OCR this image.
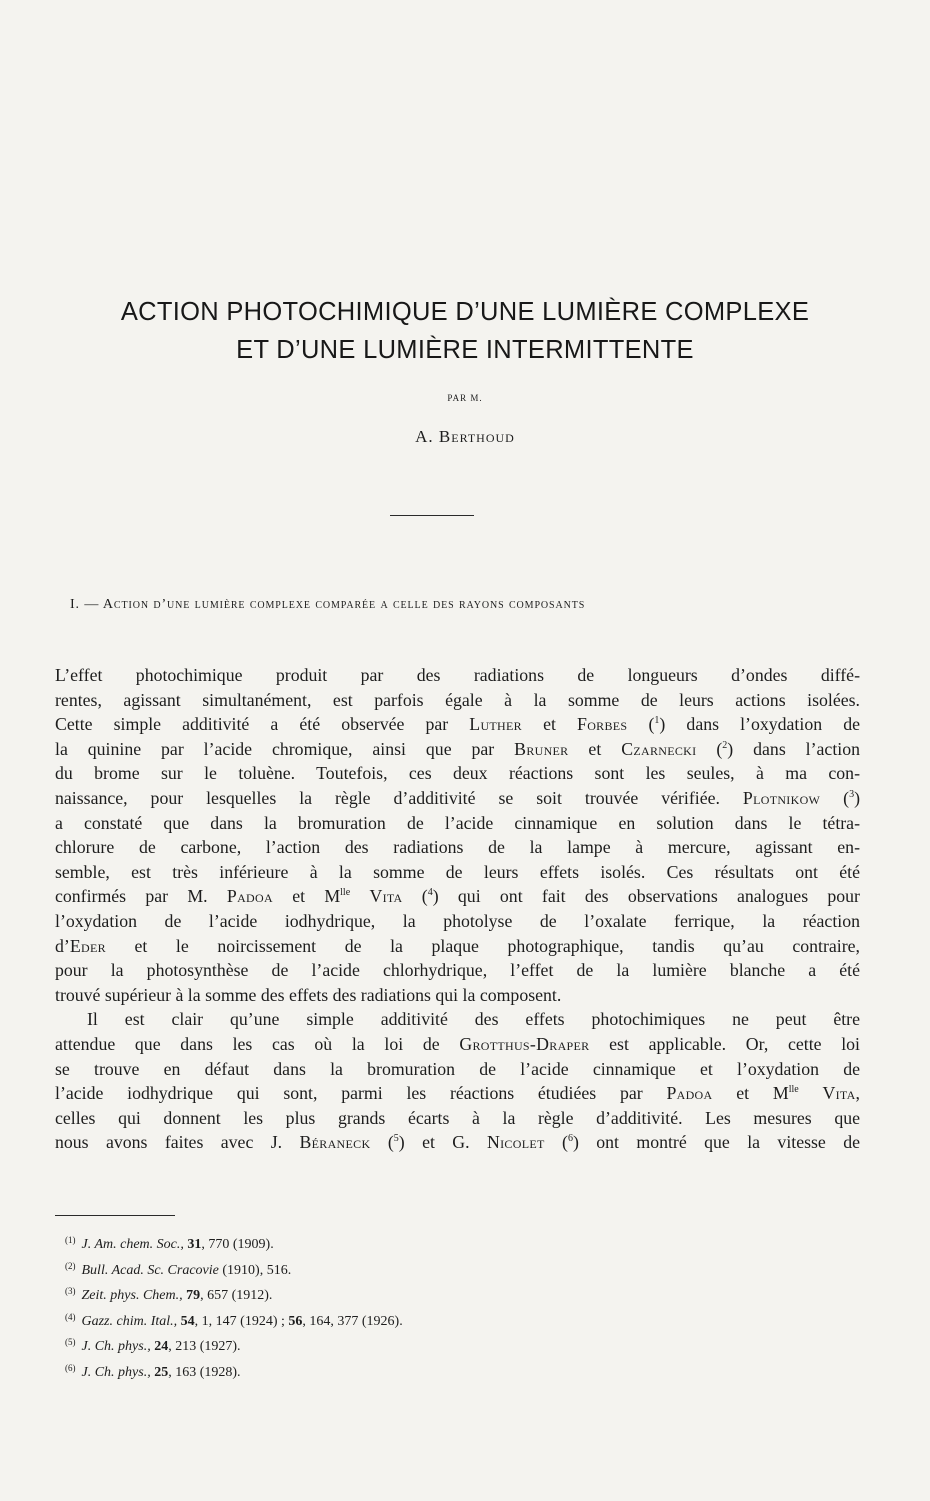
ACTION PHOTOCHIMIQUE D’UNE LUMIÈRE COMPLEXE
ET D’UNE LUMIÈRE INTERMITTENTE
PAR M.
A. Berthoud
I. — Action d’une lumière complexe comparée a celle des rayons composants

L’effet photochimique produit par des radiations de longueurs d’ondes diffé-
rentes, agissant simultanément, est parfois égale à la somme de leurs actions isolées.
Cette simple additivité a été observée par Luther et Forbes ($^1$) dans l’oxydation de
la quinine par l’acide chromique, ainsi que par Bruner et Czarnecki ($^2$) dans l’action
du brome sur le toluène. Toutefois, ces deux réactions sont les seules, à ma con-
naissance, pour lesquelles la règle d’additivité se soit trouvée vérifiée. Plotnikow ($^3$)
a constaté que dans la bromuration de l’acide cinnamique en solution dans le tétra-
chlorure de carbone, l’action des radiations de la lampe à mercure, agissant en-
semble, est très inférieure à la somme de leurs effets isolés. Ces résultats ont été
confirmés par M. Padoa et $M^{lle}$ Vita ($^4$) qui ont fait des observations analogues pour
l’oxydation de l’acide iodhydrique, la photolyse de l’oxalate ferrique, la réaction
d’Eder et le noircissement de la plaque photographique, tandis qu’au contraire,
pour la photosynthèse de l’acide chlorhydrique, l’effet de la lumière blanche a été
trouvé supérieur à la somme des effets des radiations qui la composent.

Il est clair qu’une simple additivité des effets photochimiques ne peut être
attendue que dans les cas où la loi de Grotthus-Draper est applicable. Or, cette loi
se trouve en défaut dans la bromuration de l’acide cinnamique et l’oxydation de
l’acide iodhydrique qui sont, parmi les réactions étudiées par Padoa et $M^{lle}$ Vita,
celles qui donnent les plus grands écarts à la règle d’additivité. Les mesures que
nous avons faites avec J. Béraneck ($^5$) et G. Nicolet ($^6$) ont montré que la vitesse de

$^{(1)}$ J. Am. chem. Soc., 31, 770 (1909).
$^{(2)}$ Bull. Acad. Sc. Cracovie (1910), 516.
$^{(3)}$ Zeit. phys. Chem., 79, 657 (1912).
$^{(4)}$ Gazz. chim. Ital., 54, 1, 147 (1924) ; 56, 164, 377 (1926).
$^{(5)}$ J. Ch. phys., 24, 213 (1927).
$^{(6)}$ J. Ch. phys., 25, 163 (1928).
